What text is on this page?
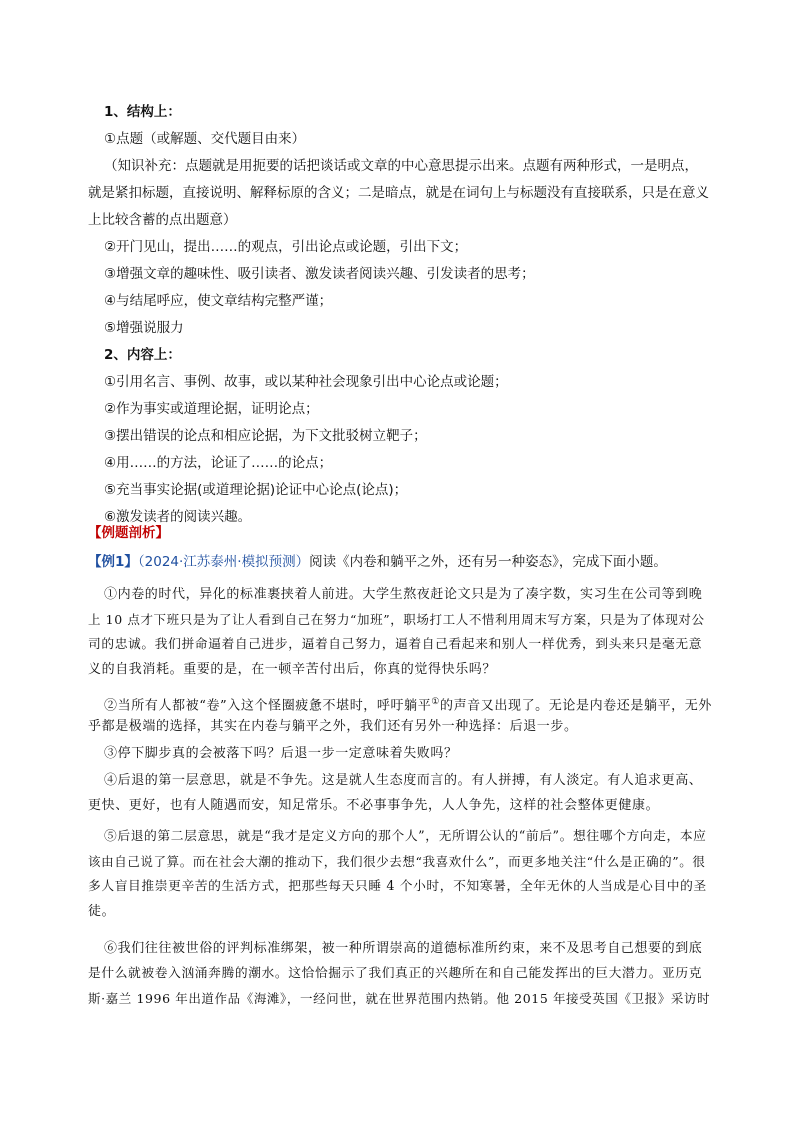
1、结构上：
①点题（或解题、交代题目由来）
（知识补充：点题就是用扼要的话把谈话或文章的中心意思提示出来。点题有两种形式，一是明点，
就是紧扣标题，直接说明、解释标原的含义；二是暗点，就是在词句上与标题没有直接联系，只是在意义
上比较含蓄的点出题意）
②开门见山，提出……的观点，引出论点或论题，引出下文；
③增强文章的趣味性、吸引读者、激发读者阅读兴趣、引发读者的思考；
④与结尾呼应，使文章结构完整严谨；
⑤增强说服力
2、内容上：
①引用名言、事例、故事，或以某种社会现象引出中心论点或论题；
②作为事实或道理论据，证明论点；
③摆出错误的论点和相应论据，为下文批驳树立靶子；
④用……的方法，论证了……的论点；
⑤充当事实论据(或道理论据)论证中心论点(论点)；
⑥激发读者的阅读兴趣。
【例题剖析】
【例1】（2024·江苏泰州·模拟预测）阅读《内卷和躺平之外，还有另一种姿态》，完成下面小题。
①内卷的时代，异化的标准裹挟着人前进。大学生熬夜赶论文只是为了凑字数，实习生在公司等到晚
上 10 点才下班只是为了让人看到自己在努力“加班”，职场打工人不惜利用周末写方案，只是为了体现对公
司的忠诚。我们拼命逼着自己进步，逼着自己努力，逼着自己看起来和别人一样优秀，到头来只是毫无意
义的自我消耗。重要的是，在一顿辛苦付出后，你真的觉得快乐吗？
②当所有人都被“卷”入这个怪圈疲惫不堪时，呼吁躺平①的声音又出现了。无论是内卷还是躺平，无外
乎都是极端的选择，其实在内卷与躺平之外，我们还有另外一种选择：后退一步。
③停下脚步真的会被落下吗？后退一步一定意味着失败吗？
④后退的第一层意思，就是不争先。这是就人生态度而言的。有人拼搏，有人淡定。有人追求更高、
更快、更好，也有人随遇而安，知足常乐。不必事事争先，人人争先，这样的社会整体更健康。
⑤后退的第二层意思，就是“我才是定义方向的那个人”，无所谓公认的“前后”。想往哪个方向走，本应
该由自己说了算。而在社会大潮的推动下，我们很少去想“我喜欢什么”，而更多地关注“什么是正确的”。很
多人盲目推崇更辛苦的生活方式，把那些每天只睡 4 个小时，不知寒暑，全年无休的人当成是心目中的圣
徒。
⑥我们往往被世俗的评判标准绑架，被一种所谓崇高的道德标准所约束，来不及思考自己想要的到底
是什么就被卷入汹涌奔腾的潮水。这恰恰掘示了我们真正的兴趣所在和自己能发挥出的巨大潜力。亚历克
斯·嘉兰 1996 年出道作品《海滩》，一经问世，就在世界范围内热销。他 2015 年接受英国《卫报》采访时
